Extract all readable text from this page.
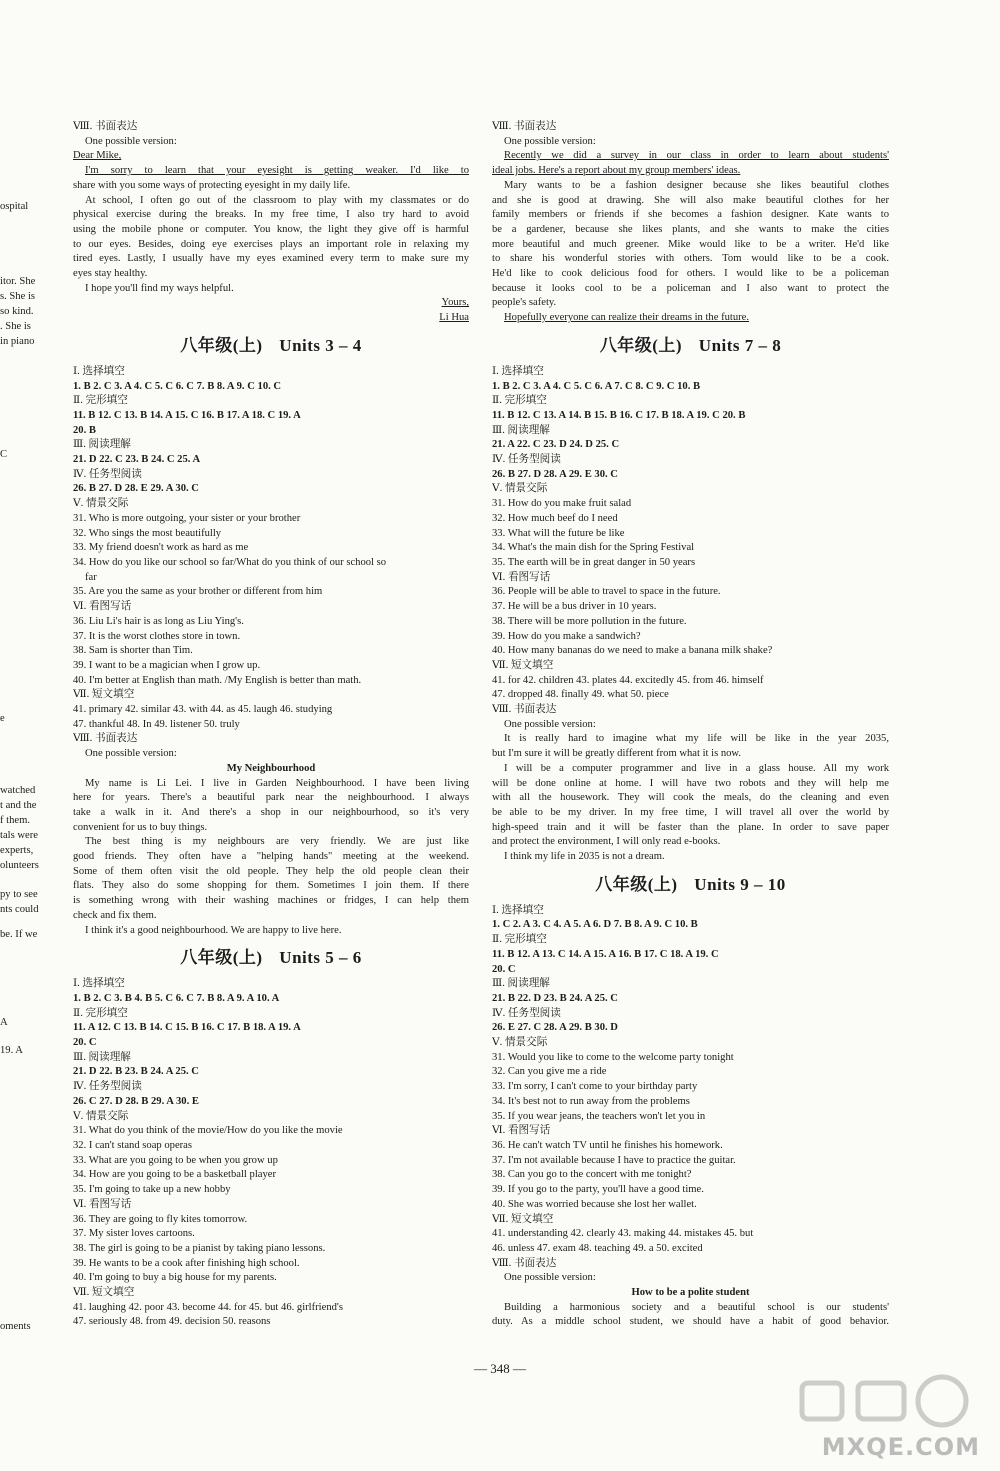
ospital
itor. She
s. She is
so kind.
. She is
in piano
C
e
watched
t and the
f them.
tals were
experts,
olunteers
py to see
nts could
be. If we
A
19. A
oments
Ⅷ. 书面表达
One possible version:
Dear Mike,
I'm sorry to learn that your eyesight is getting weaker. I'd like to
share with you some ways of protecting eyesight in my daily life.
At school, I often go out of the classroom to play with my classmates or do
physical exercise during the breaks. In my free time, I also try hard to avoid
using the mobile phone or computer. You know, the light they give off is harmful
to our eyes. Besides, doing eye exercises plays an important role in relaxing my
tired eyes. Lastly, I usually have my eyes examined every term to make sure my
eyes stay healthy.
I hope you'll find my ways helpful.
Yours,
Li Hua
八年级(上) Units 3 – 4
Ⅰ. 选择填空
1. B 2. C 3. A 4. C 5. C 6. C 7. B 8. A 9. C 10. C
Ⅱ. 完形填空
11. B 12. C 13. B 14. A 15. C 16. B 17. A 18. C 19. A
20. B
Ⅲ. 阅读理解
21. D 22. C 23. B 24. C 25. A
Ⅳ. 任务型阅读
26. B 27. D 28. E 29. A 30. C
Ⅴ. 情景交际
31. Who is more outgoing, your sister or your brother
32. Who sings the most beautifully
33. My friend doesn't work as hard as me
34. How do you like our school so far/What do you think of our school so
far
35. Are you the same as your brother or different from him
Ⅵ. 看图写话
36. Liu Li's hair is as long as Liu Ying's.
37. It is the worst clothes store in town.
38. Sam is shorter than Tim.
39. I want to be a magician when I grow up.
40. I'm better at English than math. /My English is better than math.
Ⅶ. 短文填空
41. primary 42. similar 43. with 44. as 45. laugh 46. studying
47. thankful 48. In 49. listener 50. truly
Ⅷ. 书面表达
One possible version:
My Neighbourhood
My name is Li Lei. I live in Garden Neighbourhood. I have been living
here for years. There's a beautiful park near the neighbourhood. I always
take a walk in it. And there's a shop in our neighbourhood, so it's very
convenient for us to buy things.
The best thing is my neighbours are very friendly. We are just like
good friends. They often have a "helping hands" meeting at the weekend.
Some of them often visit the old people. They help the old people clean their
flats. They also do some shopping for them. Sometimes I join them. If there
is something wrong with their washing machines or fridges, I can help them
check and fix them.
I think it's a good neighbourhood. We are happy to live here.
八年级(上) Units 5 – 6
Ⅰ. 选择填空
1. B 2. C 3. B 4. B 5. C 6. C 7. B 8. A 9. A 10. A
Ⅱ. 完形填空
11. A 12. C 13. B 14. C 15. B 16. C 17. B 18. A 19. A
20. C
Ⅲ. 阅读理解
21. D 22. B 23. B 24. A 25. C
Ⅳ. 任务型阅读
26. C 27. D 28. B 29. A 30. E
Ⅴ. 情景交际
31. What do you think of the movie/How do you like the movie
32. I can't stand soap operas
33. What are you going to be when you grow up
34. How are you going to be a basketball player
35. I'm going to take up a new hobby
Ⅵ. 看图写话
36. They are going to fly kites tomorrow.
37. My sister loves cartoons.
38. The girl is going to be a pianist by taking piano lessons.
39. He wants to be a cook after finishing high school.
40. I'm going to buy a big house for my parents.
Ⅶ. 短文填空
41. laughing 42. poor 43. become 44. for 45. but 46. girlfriend's
47. seriously 48. from 49. decision 50. reasons
Ⅷ. 书面表达
One possible version:
Recently we did a survey in our class in order to learn about students'
ideal jobs. Here's a report about my group members' ideas.
Mary wants to be a fashion designer because she likes beautiful clothes
and she is good at drawing. She will also make beautiful clothes for her
family members or friends if she becomes a fashion designer. Kate wants to
be a gardener, because she likes plants, and she wants to make the cities
more beautiful and much greener. Mike would like to be a writer. He'd like
to share his wonderful stories with others. Tom would like to be a cook.
He'd like to cook delicious food for others. I would like to be a policeman
because it looks cool to be a policeman and I also want to protect the
people's safety.
Hopefully everyone can realize their dreams in the future.
八年级(上) Units 7 – 8
Ⅰ. 选择填空
1. B 2. C 3. A 4. C 5. C 6. A 7. C 8. C 9. C 10. B
Ⅱ. 完形填空
11. B 12. C 13. A 14. B 15. B 16. C 17. B 18. A 19. C 20. B
Ⅲ. 阅读理解
21. A 22. C 23. D 24. D 25. C
Ⅳ. 任务型阅读
26. B 27. D 28. A 29. E 30. C
Ⅴ. 情景交际
31. How do you make fruit salad
32. How much beef do I need
33. What will the future be like
34. What's the main dish for the Spring Festival
35. The earth will be in great danger in 50 years
Ⅵ. 看图写话
36. People will be able to travel to space in the future.
37. He will be a bus driver in 10 years.
38. There will be more pollution in the future.
39. How do you make a sandwich?
40. How many bananas do we need to make a banana milk shake?
Ⅶ. 短文填空
41. for 42. children 43. plates 44. excitedly 45. from 46. himself
47. dropped 48. finally 49. what 50. piece
Ⅷ. 书面表达
One possible version:
It is really hard to imagine what my life will be like in the year 2035,
but I'm sure it will be greatly different from what it is now.
I will be a computer programmer and live in a glass house. All my work
will be done online at home. I will have two robots and they will help me
with all the housework. They will cook the meals, do the cleaning and even
be able to be my driver. In my free time, I will travel all over the world by
high-speed train and it will be faster than the plane. In order to save paper
and protect the environment, I will only read e-books.
I think my life in 2035 is not a dream.
八年级(上) Units 9 – 10
Ⅰ. 选择填空
1. C 2. A 3. C 4. A 5. A 6. D 7. B 8. A 9. C 10. B
Ⅱ. 完形填空
11. B 12. A 13. C 14. A 15. A 16. B 17. C 18. A 19. C
20. C
Ⅲ. 阅读理解
21. B 22. D 23. B 24. A 25. C
Ⅳ. 任务型阅读
26. E 27. C 28. A 29. B 30. D
Ⅴ. 情景交际
31. Would you like to come to the welcome party tonight
32. Can you give me a ride
33. I'm sorry, I can't come to your birthday party
34. It's best not to run away from the problems
35. If you wear jeans, the teachers won't let you in
Ⅵ. 看图写话
36. He can't watch TV until he finishes his homework.
37. I'm not available because I have to practice the guitar.
38. Can you go to the concert with me tonight?
39. If you go to the party, you'll have a good time.
40. She was worried because she lost her wallet.
Ⅶ. 短文填空
41. understanding 42. clearly 43. making 44. mistakes 45. but
46. unless 47. exam 48. teaching 49. a 50. excited
Ⅷ. 书面表达
One possible version:
How to be a polite student
Building a harmonious society and a beautiful school is our students'
duty. As a middle school student, we should have a habit of good behavior.
— 348 —
MXQE.COM
